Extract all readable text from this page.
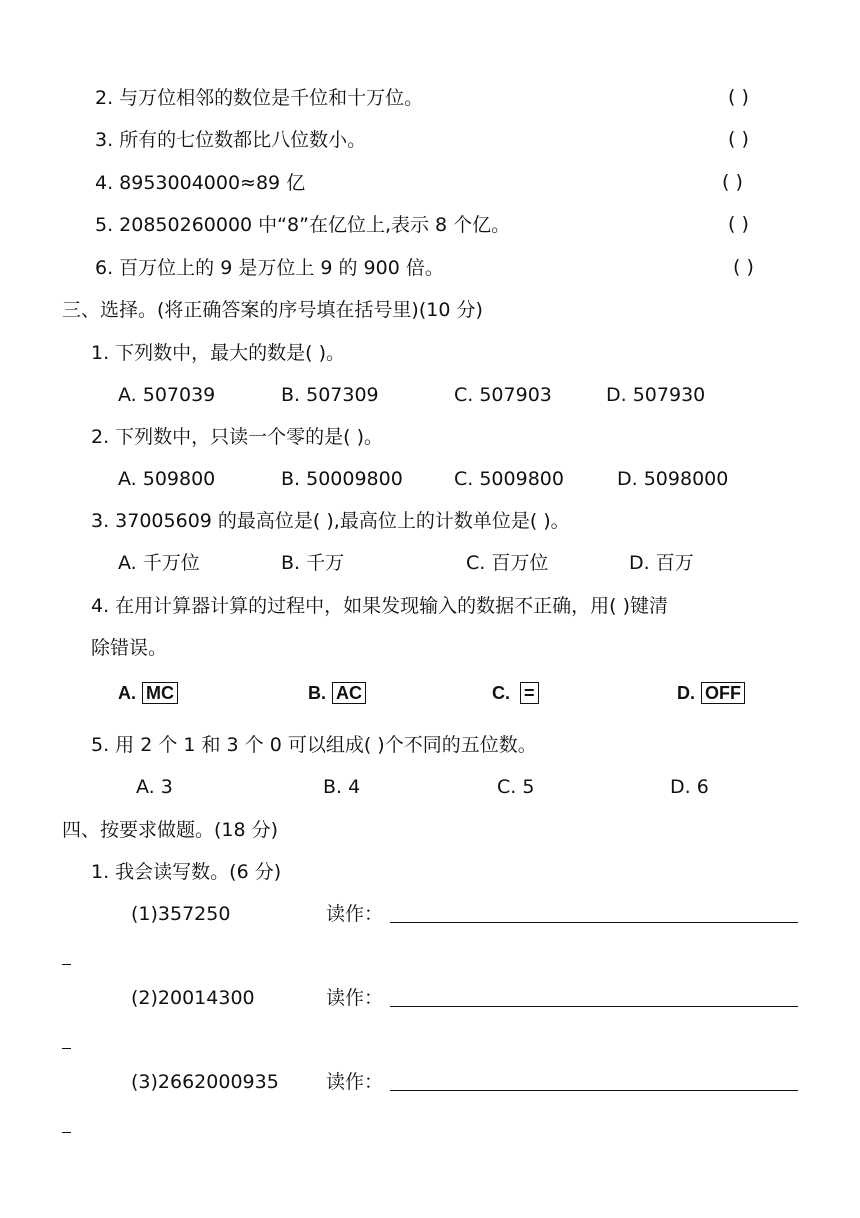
2. 与万位相邻的数位是千位和十万位。	( )
3. 所有的七位数都比八位数小。	( )
4. 8953004000≈89 亿	( )
5. 20850260000 中“8”在亿位上,表示 8 个亿。	( )
6. 百万位上的 9 是万位上 9 的 900 倍。	( )
三、选择。(将正确答案的序号填在括号里)(10 分)
1. 下列数中，最大的数是( )。
A. 507039	B. 507309	C. 507903	D. 507930
2. 下列数中，只读一个零的是( )。
A. 509800	B. 50009800	C. 5009800	D. 5098000
3. 37005609 的最高位是( ),最高位上的计数单位是( )。
A. 千万位	B. 千万	C. 百万位	D. 百万
4. 在用计算器计算的过程中，如果发现输入的数据不正确，用( )键清
除错误。
A. MC	B. AC	C. =	D. OFF
5. 用 2 个 1 和 3 个 0 可以组成( )个不同的五位数。
A. 3	B. 4	C. 5	D. 6
四、按要求做题。(18 分)
1. 我会读写数。(6 分)
(1)357250	读作：
(2)20014300	读作：
(3)2662000935 读作：
